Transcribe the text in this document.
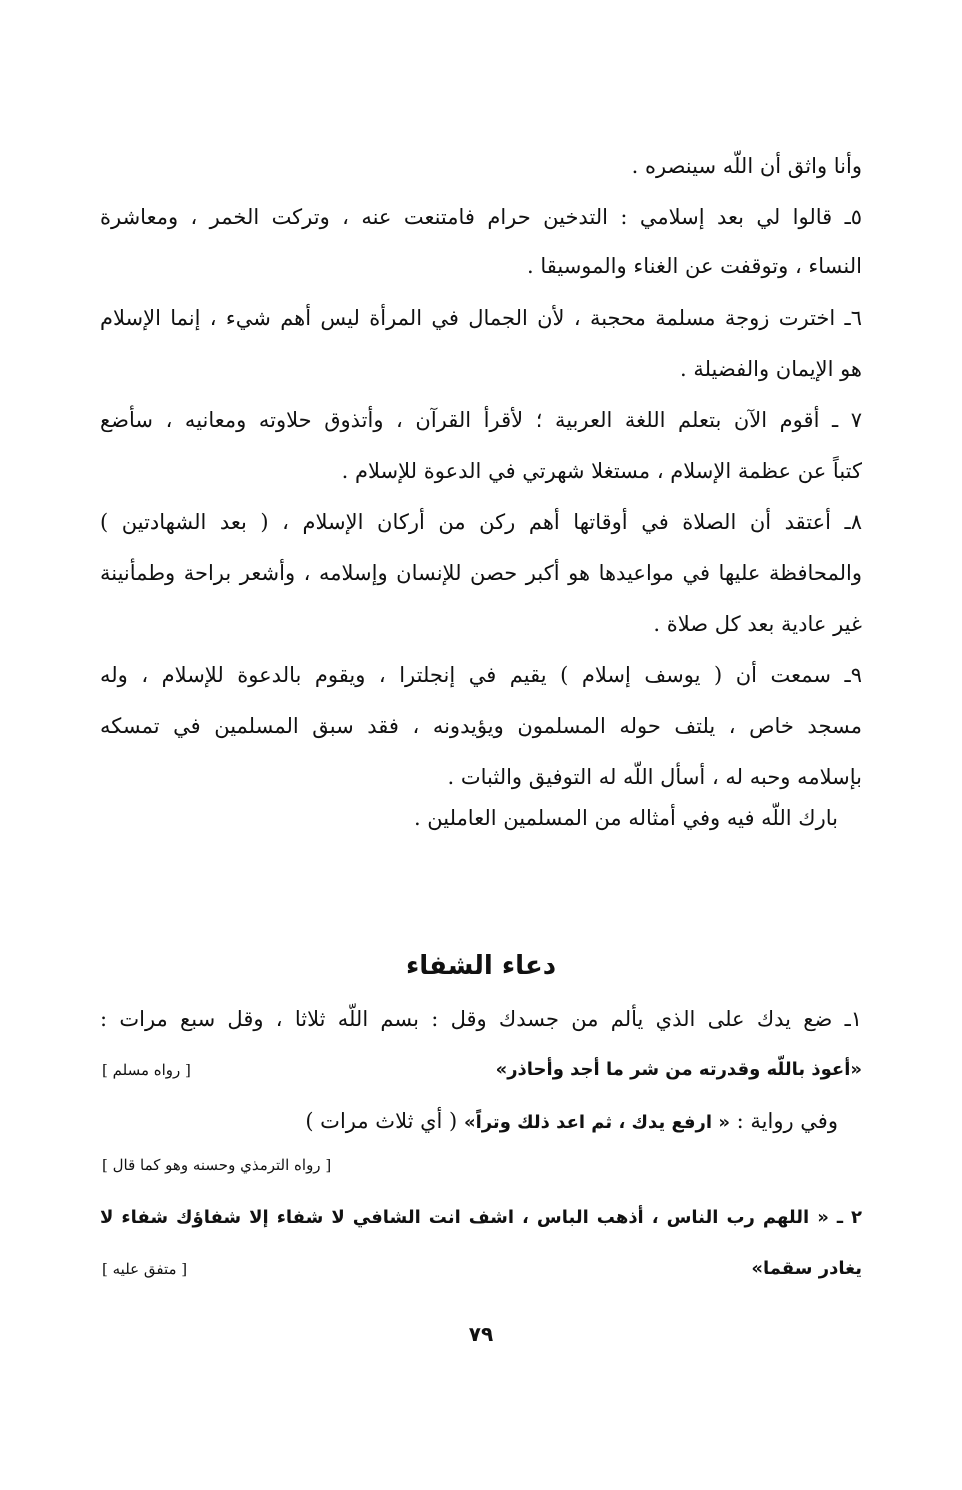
وأنا واثق أن اللّه سينصره .
٥ـ قالوا لي بعد إسلامي : التدخين حرام فامتنعت عنه ، وتركت الخمر ، ومعاشرة
النساء ، وتوقفت عن الغناء والموسيقا .
٦ـ اخترت زوجة مسلمة محجبة ، لأن الجمال في المرأة ليس أهم شيء ، إنما الإسلام
هو الإيمان والفضيلة .
٧ ـ أقوم الآن بتعلم اللغة العربية ؛ لأقرأ القرآن ، وأتذوق حلاوته ومعانيه ، سأضع
كتباً عن عظمة الإسلام ، مستغلا شهرتي في الدعوة للإسلام .
٨ـ أعتقد أن الصلاة في أوقاتها أهم ركن من أركان الإسلام ، ( بعد الشهادتين )
والمحافظة عليها في مواعيدها هو أكبر حصن للإنسان وإسلامه ، وأشعر براحة وطمأنينة
غير عادية بعد كل صلاة .
٩ـ سمعت أن ( يوسف إسلام ) يقيم في إنجلترا ، ويقوم بالدعوة للإسلام ، وله
مسجد خاص ، يلتف حوله المسلمون ويؤيدونه ، فقد سبق المسلمين في تمسكه
بإسلامه وحبه له ، أسأل اللّه له التوفيق والثبات .
بارك اللّه فيه وفي أمثاله من المسلمين العاملين .
دعاء الشفاء
١ـ ضع يدك على الذي يألم من جسدك وقل : بسم اللّه ثلاثا ، وقل سبع مرات :
«أعوذ باللّه وقدرته من شر ما أجد وأحاذر»
[ رواه مسلم ]
وفي رواية : « ارفع يدك ، ثم اعد ذلك وتراً» ( أي ثلاث مرات )
[ رواه الترمذي وحسنه وهو كما قال ]
٢ ـ « اللهم رب الناس ، أذهب الباس ، اشف انت الشافي لا شفاء إلا شفاؤك شفاء لا
يغادر سقما»
[ متفق عليه ]
٧٩
